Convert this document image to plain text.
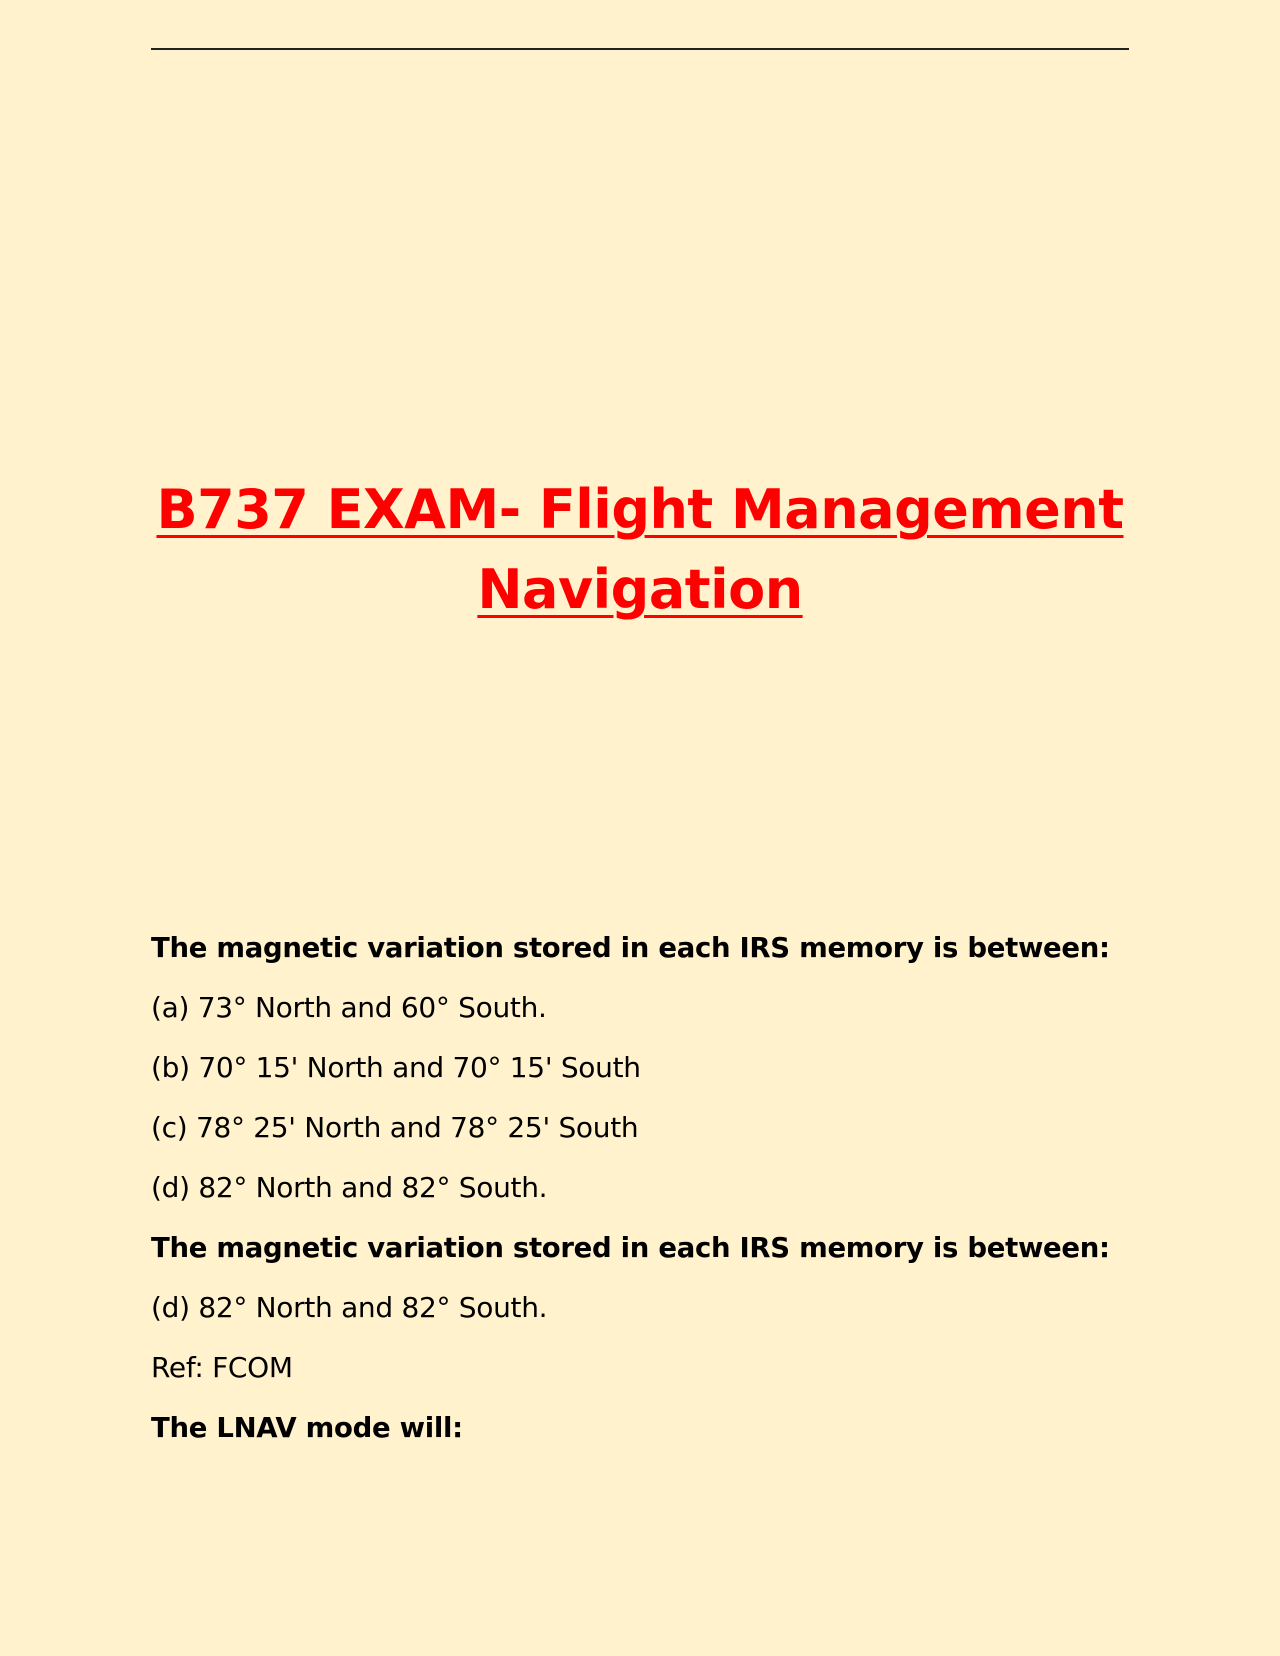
B737 EXAM- Flight Management
Navigation

The magnetic variation stored in each IRS memory is between:

(a) 73° North and 60° South.

(b) 70° 15' North and 70° 15' South

(c) 78° 25' North and 78° 25' South

(d) 82° North and 82° South.

The magnetic variation stored in each IRS memory is between:

(d) 82° North and 82° South.

Ref: FCOM

The LNAV mode will:
